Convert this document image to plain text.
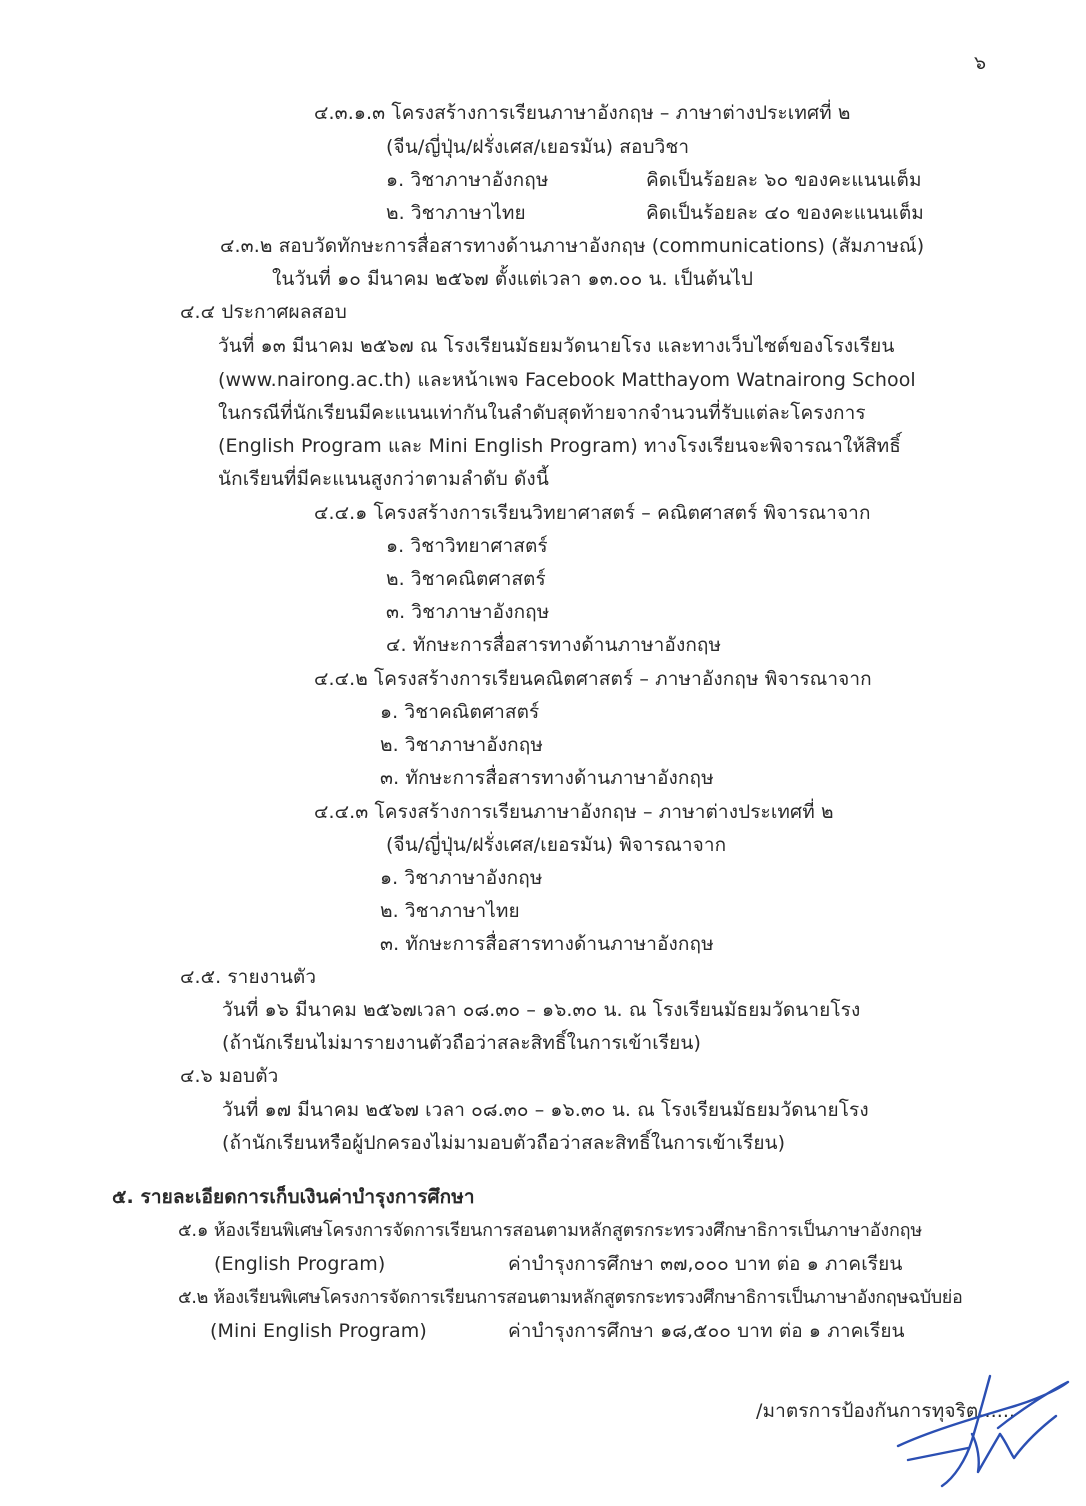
๖
๔.๓.๑.๓ โครงสร้างการเรียนภาษาอังกฤษ – ภาษาต่างประเทศที่ ๒
(จีน/ญี่ปุ่น/ฝรั่งเศส/เยอรมัน) สอบวิชา
๑. วิชาภาษาอังกฤษ	คิดเป็นร้อยละ ๖๐ ของคะแนนเต็ม
๒. วิชาภาษาไทย	คิดเป็นร้อยละ ๔๐ ของคะแนนเต็ม
๔.๓.๒ สอบวัดทักษะการสื่อสารทางด้านภาษาอังกฤษ (communications) (สัมภาษณ์)
ในวันที่ ๑๐ มีนาคม ๒๕๖๗ ตั้งแต่เวลา ๑๓.๐๐ น. เป็นต้นไป
๔.๔ ประกาศผลสอบ
วันที่ ๑๓ มีนาคม ๒๕๖๗ ณ โรงเรียนมัธยมวัดนายโรง และทางเว็บไซต์ของโรงเรียน
(www.nairong.ac.th) และหน้าเพจ Facebook Matthayom Watnairong School
ในกรณีที่นักเรียนมีคะแนนเท่ากันในลำดับสุดท้ายจากจำนวนที่รับแต่ละโครงการ
(English Program และ Mini English Program) ทางโรงเรียนจะพิจารณาให้สิทธิ์
นักเรียนที่มีคะแนนสูงกว่าตามลำดับ ดังนี้
๔.๔.๑ โครงสร้างการเรียนวิทยาศาสตร์ – คณิตศาสตร์ พิจารณาจาก
๑. วิชาวิทยาศาสตร์
๒. วิชาคณิตศาสตร์
๓. วิชาภาษาอังกฤษ
๔. ทักษะการสื่อสารทางด้านภาษาอังกฤษ
๔.๔.๒ โครงสร้างการเรียนคณิตศาสตร์ – ภาษาอังกฤษ พิจารณาจาก
๑. วิชาคณิตศาสตร์
๒. วิชาภาษาอังกฤษ
๓. ทักษะการสื่อสารทางด้านภาษาอังกฤษ
๔.๔.๓ โครงสร้างการเรียนภาษาอังกฤษ – ภาษาต่างประเทศที่ ๒
(จีน/ญี่ปุ่น/ฝรั่งเศส/เยอรมัน) พิจารณาจาก
๑. วิชาภาษาอังกฤษ
๒. วิชาภาษาไทย
๓. ทักษะการสื่อสารทางด้านภาษาอังกฤษ
๔.๕. รายงานตัว
วันที่ ๑๖ มีนาคม ๒๕๖๗เวลา ๐๘.๓๐ – ๑๖.๓๐ น. ณ โรงเรียนมัธยมวัดนายโรง
(ถ้านักเรียนไม่มารายงานตัวถือว่าสละสิทธิ์ในการเข้าเรียน)
๔.๖ มอบตัว
วันที่ ๑๗ มีนาคม ๒๕๖๗ เวลา ๐๘.๓๐ – ๑๖.๓๐ น. ณ โรงเรียนมัธยมวัดนายโรง
(ถ้านักเรียนหรือผู้ปกครองไม่มามอบตัวถือว่าสละสิทธิ์ในการเข้าเรียน)
๕. รายละเอียดการเก็บเงินค่าบำรุงการศึกษา
๕.๑ ห้องเรียนพิเศษโครงการจัดการเรียนการสอนตามหลักสูตรกระทรวงศึกษาธิการเป็นภาษาอังกฤษ
(English Program)	ค่าบำรุงการศึกษา ๓๗,๐๐๐ บาท ต่อ ๑ ภาคเรียน
๕.๒ ห้องเรียนพิเศษโครงการจัดการเรียนการสอนตามหลักสูตรกระทรวงศึกษาธิการเป็นภาษาอังกฤษฉบับย่อ
(Mini English Program)	ค่าบำรุงการศึกษา ๑๘,๕๐๐ บาท ต่อ ๑ ภาคเรียน
/มาตรการป้องกันการทุจริต......
